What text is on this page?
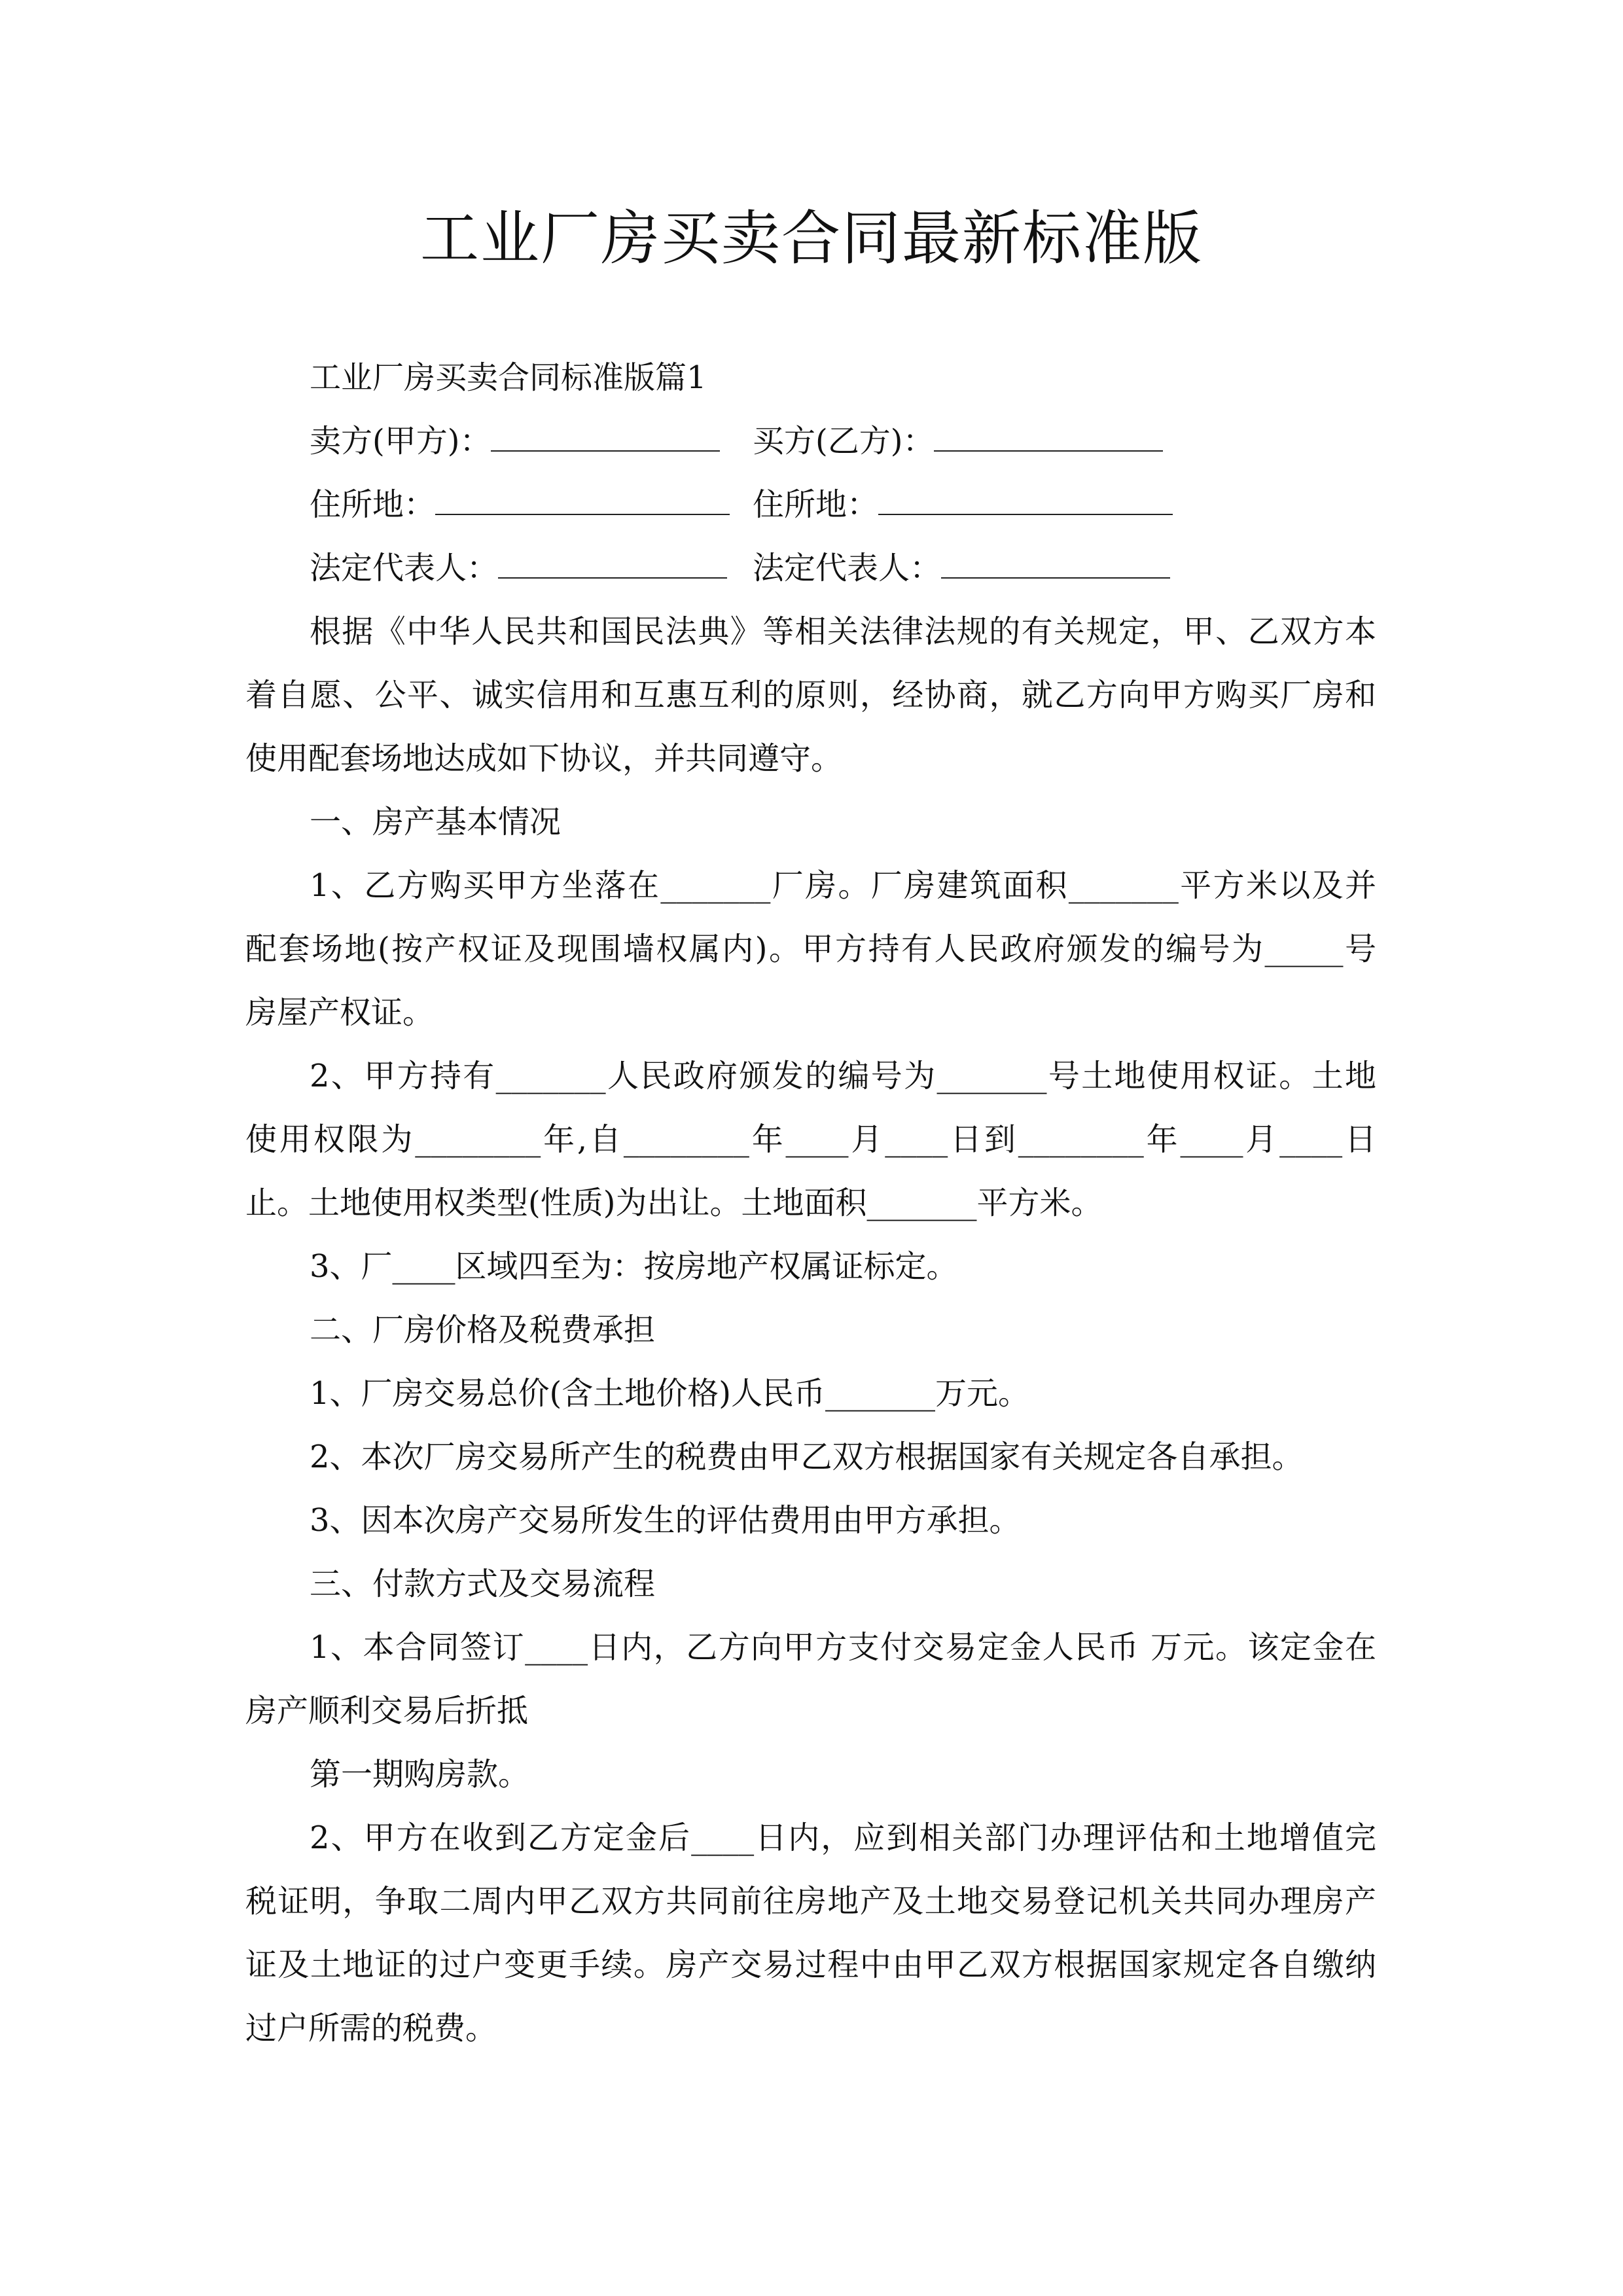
工业厂房买卖合同最新标准版
工业厂房买卖合同标准版篇1
卖方(甲方)：	买方(乙方)：
住所地：	住所地：
法定代表人：	法定代表人：
根据《中华人民共和国民法典》等相关法律法规的有关规定，甲、乙双方本
着自愿、公平、诚实信用和互惠互利的原则，经协商，就乙方向甲方购买厂房和
使用配套场地达成如下协议，并共同遵守。
一、房产基本情况
1、乙方购买甲方坐落在_______厂房。厂房建筑面积_______平方米以及并
配套场地(按产权证及现围墙权属内)。甲方持有人民政府颁发的编号为_____号
房屋产权证。
2、甲方持有_______人民政府颁发的编号为_______号土地使用权证。土地
使用权限为________年,自________年____月____日到________年____月____日
止。土地使用权类型(性质)为出让。土地面积_______平方米。
3、厂____区域四至为：按房地产权属证标定。
二、厂房价格及税费承担
1、厂房交易总价(含土地价格)人民币_______万元。
2、本次厂房交易所产生的税费由甲乙双方根据国家有关规定各自承担。
3、因本次房产交易所发生的评估费用由甲方承担。
三、付款方式及交易流程
1、本合同签订____日内，乙方向甲方支付交易定金人民币 万元。该定金在
房产顺利交易后折抵
第一期购房款。
2、甲方在收到乙方定金后____日内，应到相关部门办理评估和土地增值完
税证明，争取二周内甲乙双方共同前往房地产及土地交易登记机关共同办理房产
证及土地证的过户变更手续。房产交易过程中由甲乙双方根据国家规定各自缴纳
过户所需的税费。
